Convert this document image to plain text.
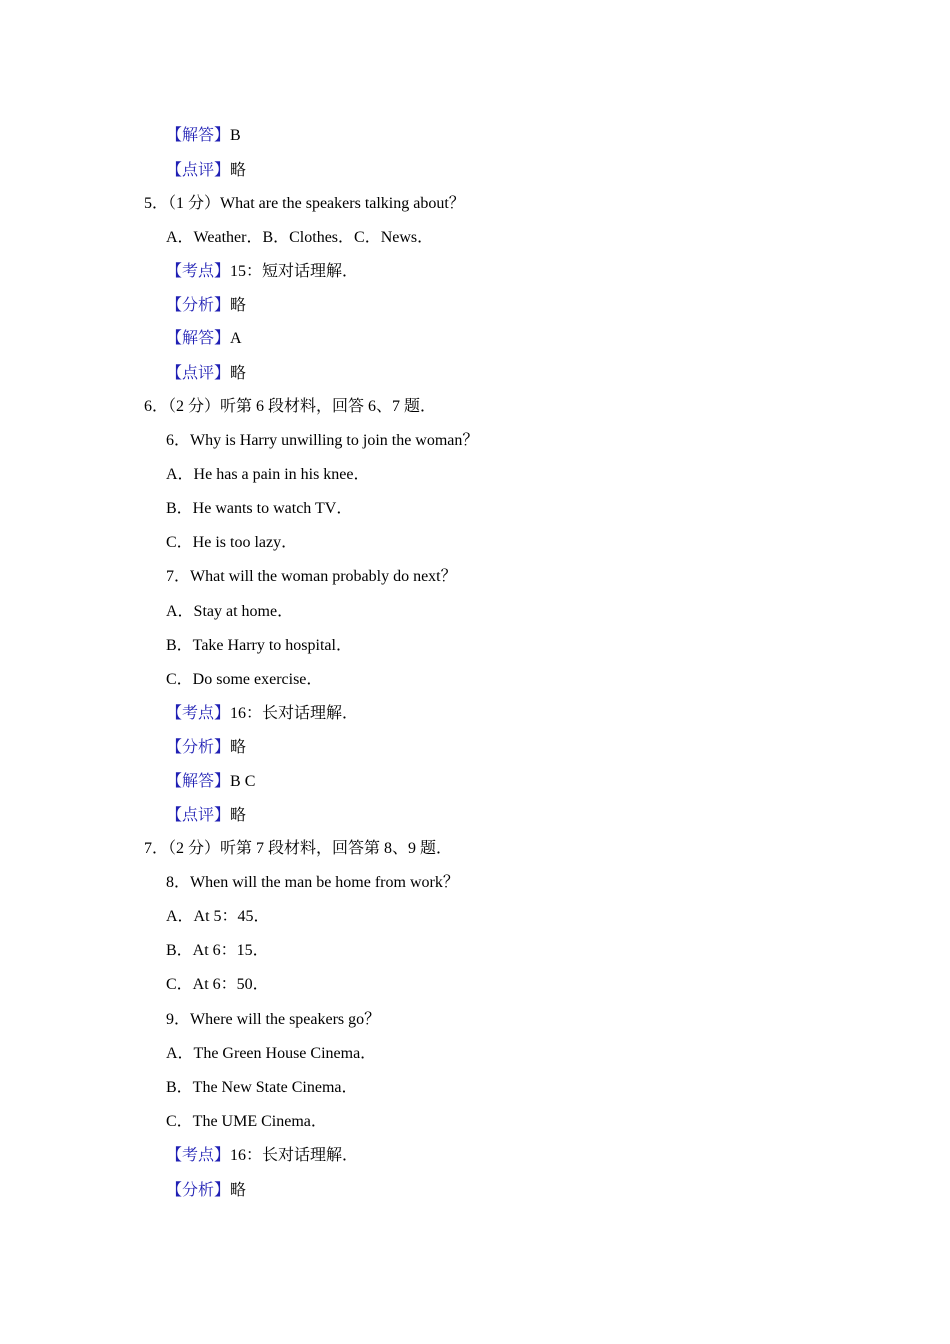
【解答】B
【点评】略
5．（1 分）What are the speakers talking about？
A．Weather．B．Clothes．C．News．
【考点】15：短对话理解．
【分析】略
【解答】A
【点评】略
6．（2 分）听第 6 段材料，回答 6、7 题．
6．Why is Harry unwilling to join the woman？
A．He has a pain in his knee．
B．He wants to watch TV．
C．He is too lazy．
7．What will the woman probably do next？
A．Stay at home．
B．Take Harry to hospital．
C．Do some exercise．
【考点】16：长对话理解．
【分析】略
【解答】B C
【点评】略
7．（2 分）听第 7 段材料，回答第 8、9 题．
8．When will the man be home from work？
A．At 5：45．
B．At 6：15．
C．At 6：50．
9．Where will the speakers go？
A．The Green House Cinema．
B．The New State Cinema．
C．The UME Cinema．
【考点】16：长对话理解．
【分析】略
